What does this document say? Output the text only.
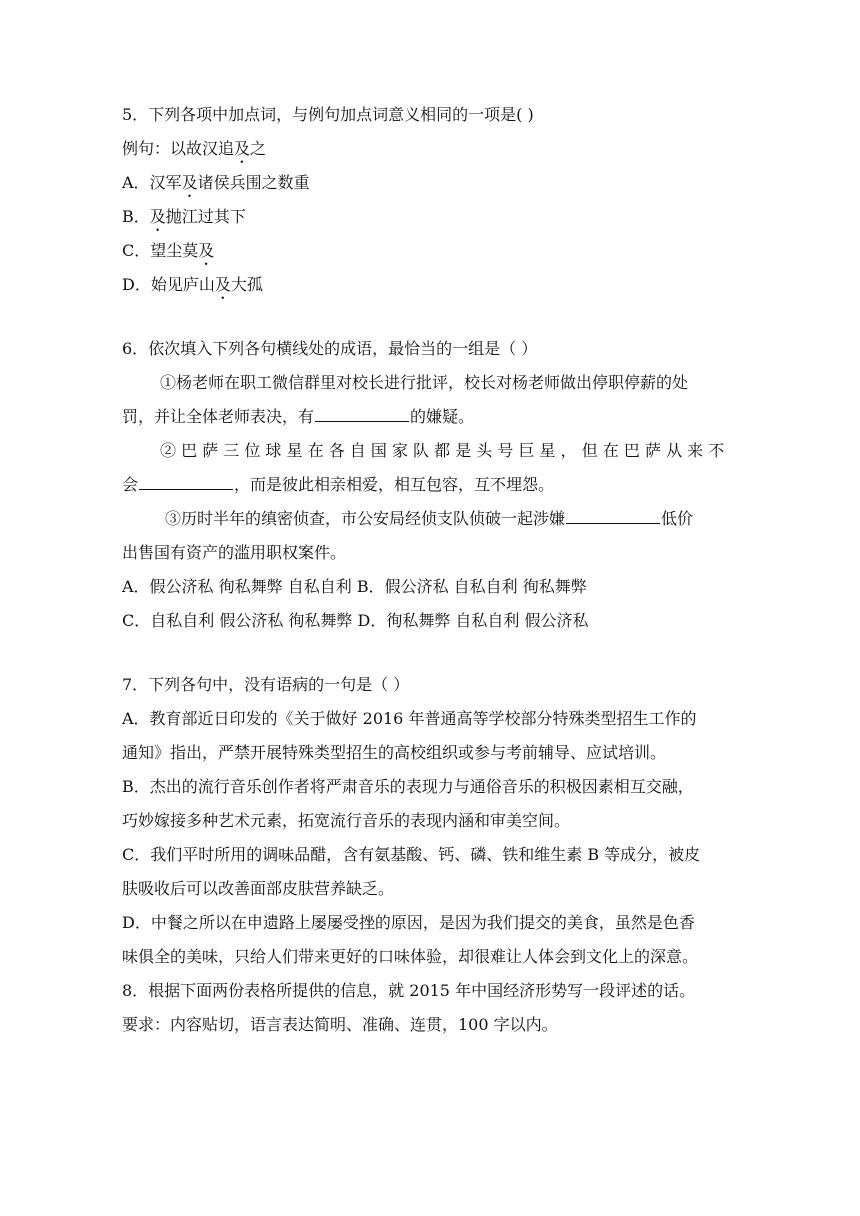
5．下列各项中加点词，与例句加点词意义相同的一项是( )
例句：以故汉追及之
A．汉军及诸侯兵围之数重
B．及抛江过其下
C．望尘莫及
D．始见庐山及大孤
6．依次填入下列各句横线处的成语，最恰当的一组是（ ）
①杨老师在职工微信群里对校长进行批评，校长对杨老师做出停职停薪的处
罚，并让全体老师表决，有	的嫌疑。
② 巴 萨 三 位 球 星 在 各 自 国 家 队 都 是 头 号 巨 星 ， 但 在 巴 萨 从 来 不
会	，而是彼此相亲相爱，相互包容，互不埋怨。
③历时半年的缜密侦查，市公安局经侦支队侦破一起涉嫌	低价
出售国有资产的滥用职权案件。
A．假公济私 徇私舞弊 自私自利 B．假公济私 自私自利 徇私舞弊
C．自私自利 假公济私 徇私舞弊 D．徇私舞弊 自私自利 假公济私
7．下列各句中，没有语病的一句是（ ）
A．教育部近日印发的《关于做好 2016 年普通高等学校部分特殊类型招生工作的
通知》指出，严禁开展特殊类型招生的高校组织或参与考前辅导、应试培训。
B．杰出的流行音乐创作者将严肃音乐的表现力与通俗音乐的积极因素相互交融，
巧妙嫁接多种艺术元素，拓宽流行音乐的表现内涵和审美空间。
C．我们平时所用的调味品醋，含有氨基酸、钙、磷、铁和维生素 B 等成分，被皮
肤吸收后可以改善面部皮肤营养缺乏。
D．中餐之所以在申遗路上屡屡受挫的原因，是因为我们提交的美食，虽然是色香
味俱全的美味，只给人们带来更好的口味体验，却很难让人体会到文化上的深意。
8．根据下面两份表格所提供的信息，就 2015 年中国经济形势写一段评述的话。
要求：内容贴切，语言表达简明、准确、连贯，100 字以内。
